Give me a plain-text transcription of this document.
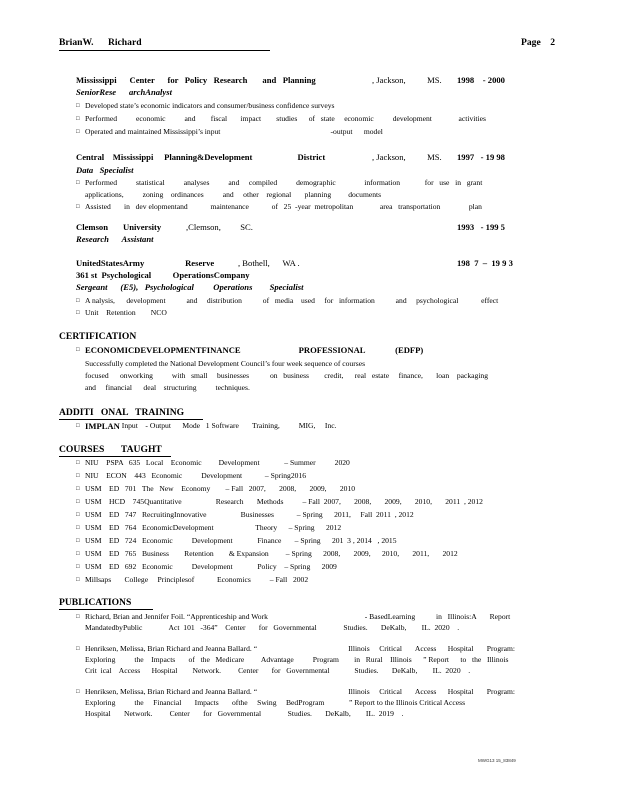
BrianW.      Richard	Page    2
Mississippi      Center      for   Policy   Research       and   Planning	, Jackson,          MS. 1998    - 2000
SeniorRese      archAnalyst
□ Developed state’s economic indicators and consumer/business confidence surveys
□ Performed          economic          and        fiscal       impact        studies      of   state     economic          development              activities
□ Operated and maintained Mississippi’s input                                                          -output      model
Central    Mississippi     Planning&Development                     District	, Jackson,          MS. 1997   - 19 98
Data   Specialist
□ Performed          statistical          analyses          and     compiled          demographic               information             for   use   in   grant
applications,          zoning    ordinances          and     other    regional       planning         documents
□ Assisted       in   dev elopmentand            maintenance            of   25  -year  metropolitan              area   transportation               plan
Clemson       University	,Clemson,         SC.	1993   - 199 5
Research      Assistant
UnitedStatesArmy                   Reserve	, Bothell,      WA .	198  7  –  19 9 3
361 st  Psychological          OperationsCompany
Sergeant      (E5),   Psychological         Operations        Specialist
□ A nalysis,      development           and     distribution           of   media    used     for   information           and     psychological            effect
□ Unit    Retention        NCO
CERTIFICATION
□ ECONOMICDEVELOPMENTFINANCE                           PROFESSIONAL              (EDFP)
Successfully completed the National Development Council’s four week sequence of courses
focused      onworking          with   small     businesses           on   business        credit,      real   estate     finance,       loan    packaging
and     financial      deal    structuring          techniques.
ADDITI   ONAL   TRAINING
□ IMPLAN
Input    - Output      Mode   1 Software       Training,          MIG,     Inc.
COURSES       TAUGHT
□ NIU    PSPA   635   Local    Economic         Development             – Summer          2020
□ NIU    ECON    443   Economic          Development            – Spring2016
□ USM    ED   701   The   New    Economy        – Fall   2007,       2008,       2009,       2010
□ USM    HCD    745Quantitative                  Research       Methods          – Fall  2007,       2008,       2009,       2010,       2011  , 2012
□ USM    ED   747   RecruitingInnovative                  Businesses            – Spring      2011,     Fall  2011  , 2012
□ USM    ED   764   EconomicDevelopment                      Theory      – Spring      2012
□ USM    ED   724   Economic          Development             Finance       – Spring      201  3 , 2014   , 2015
□ USM    ED   765   Business        Retention        & Expansion         – Spring      2008,       2009,      2010,       2011,       2012
□ USM    ED   692   Economic          Development             Policy    – Spring      2009
□ Millsaps       College     Principlesof            Economics          – Fall   2002
PUBLICATIONS
□ Richard, Brian and Jennifer Foil. “Apprenticeship and Work                                                   - BasedLearning           in   Illinois:A       Report
MandatedbyPublic              Act  101   -364”    Center       for   Governmental              Studies.       DeKalb,        IL.  2020    .
□ Henriksen, Melissa, Brian Richard and Jeanna Ballard. “                                                Illinois     Critical       Access      Hospital       Program:
Exploring          the    Impacts       of   the   Medicare         Advantage          Program        in   Rural    Illinois      ” Report      to   the   Illinois
Crit  ical    Access      Hospital        Network.         Center       for   Governmental             Studies.       DeKalb,        IL.  2020    .
□ Henriksen, Melissa, Brian Richard and Jeanna Ballard. “                                                Illinois     Critical       Access      Hospital       Program:
Exploring          the     Financial       Impacts       ofthe     Swing     BedProgram             ” Report to the Illinois Critical Access
Hospital       Network.         Center       for   Governmental              Studies.       DeKalb,        IL.  2019    .
MWG13 15_83849
